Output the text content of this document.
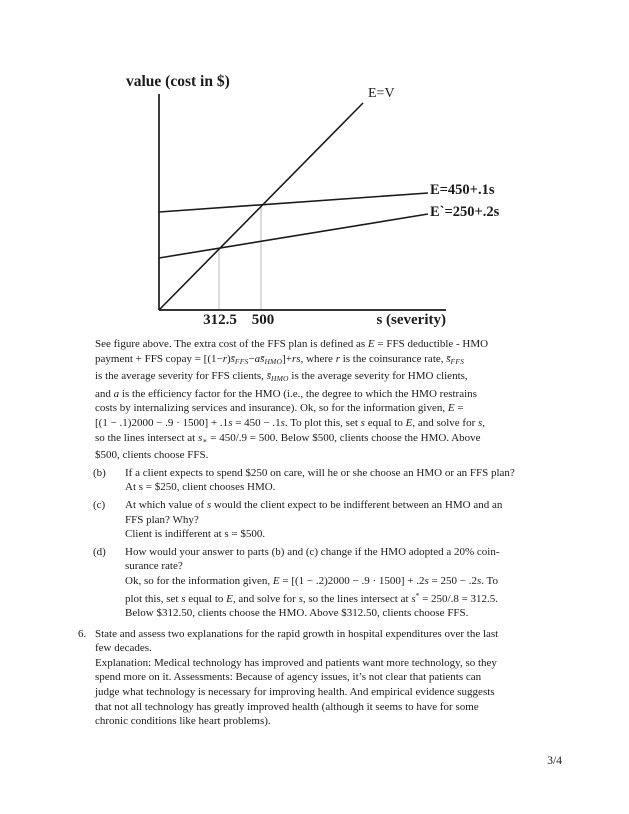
value (cost in $)
E=V
E=450+.1s
E`=250+.2s
312.5 500	s (severity)

See figure above. The extra cost of the FFS plan is defined as E = FFS deductible - HMO
payment + FFS copay = [(1−r)s̄FFS−as̄HMO]+rs, where r is the coinsurance rate, s̄FFS
is the average severity for FFS clients, s̄HMO is the average severity for HMO clients,
and a is the efficiency factor for the HMO (i.e., the degree to which the HMO restrains
costs by internalizing services and insurance). Ok, so for the information given, E =
[(1 − .1)2000 − .9 · 1500] + .1s = 450 − .1s. To plot this, set s equal to E, and solve for s,
so the lines intersect at s∗ = 450/.9 = 500. Below $500, clients choose the HMO. Above
$500, clients choose FFS.

(b) If a client expects to spend $250 on care, will he or she choose an HMO or an FFS plan?

At s = $250, client chooses HMO.

(c) At which value of s would the client expect to be indifferent between an HMO and an
FFS plan? Why?

Client is indifferent at s = $500.

(d) How would your answer to parts (b) and (c) change if the HMO adopted a 20% coin-
surance rate?

Ok, so for the information given, E = [(1 − .2)2000 − .9 · 1500] + .2s = 250 − .2s. To
plot this, set s equal to E, and solve for s, so the lines intersect at s* = 250/.8 = 312.5.
Below $312.50, clients choose the HMO. Above $312.50, clients choose FFS.

6. State and assess two explanations for the rapid growth in hospital expenditures over the last
few decades.

Explanation: Medical technology has improved and patients want more technology, so they
spend more on it. Assessments: Because of agency issues, it’s not clear that patients can
judge what technology is necessary for improving health. And empirical evidence suggests
that not all technology has greatly improved health (although it seems to have for some
chronic conditions like heart problems).

3/4
